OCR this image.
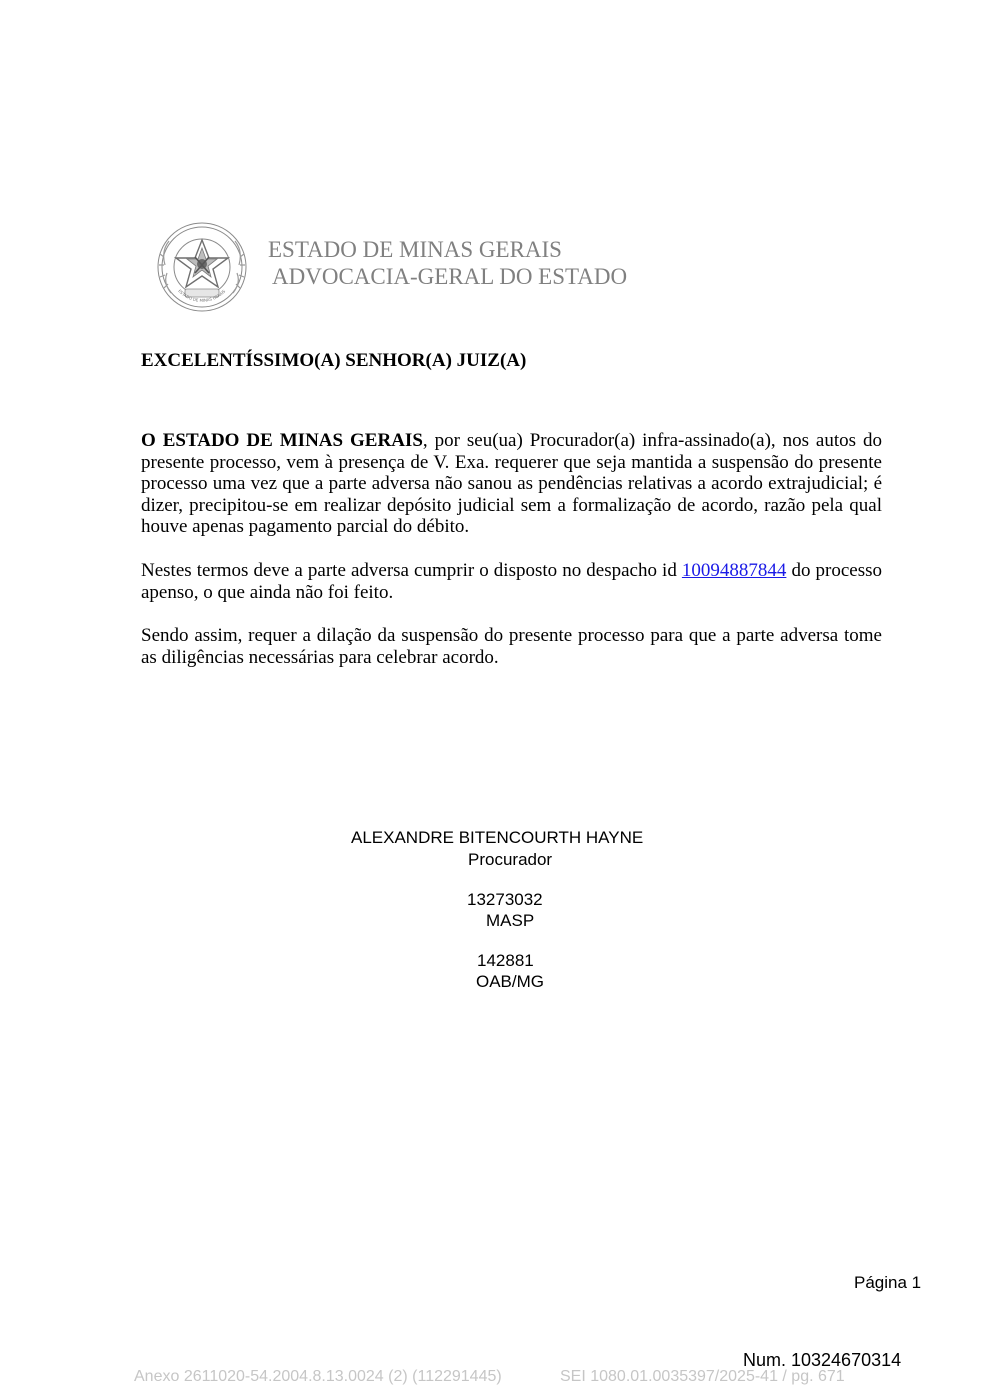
ESTADO DE MINAS GERAIS
ESTADO DE MINAS GERAIS
ADVOCACIA-GERAL DO ESTADO
EXCELENTÍSSIMO(A) SENHOR(A) JUIZ(A)
O ESTADO DE MINAS GERAIS, por seu(ua) Procurador(a) infra-assinado(a), nos autos do presente processo, vem à presença de V. Exa. requerer que seja mantida a suspensão do presente processo uma vez que a parte adversa não sanou as pendências relativas a acordo extrajudicial; é dizer, precipitou-se em realizar depósito judicial sem a formalização de acordo, razão pela qual houve apenas pagamento parcial do débito.
Nestes termos deve a parte adversa cumprir o disposto no despacho id 10094887844 do processo apenso, o que ainda não foi feito.
Sendo assim, requer a dilação da suspensão do presente processo para que a parte adversa tome as diligências necessárias para celebrar acordo.
ALEXANDRE BITENCOURTH HAYNE
Procurador
13273032
MASP
142881
OAB/MG
Página 1
Num. 10324670314
Anexo 2611020-54.2004.8.13.0024 (2) (112291445)	SEI 1080.01.0035397/2025-41 / pg. 671
